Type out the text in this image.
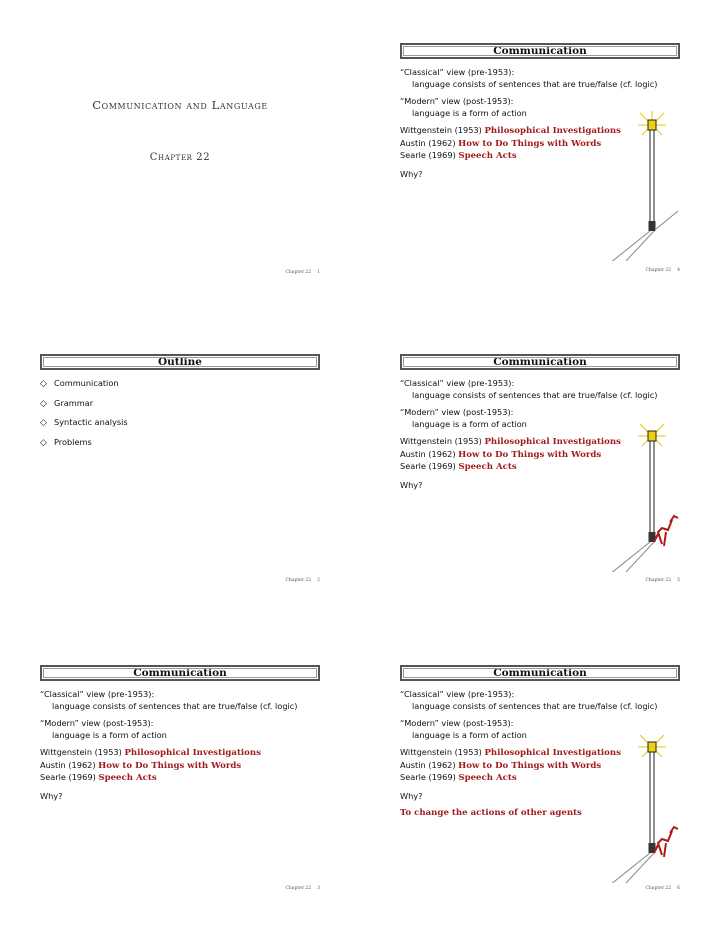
Communication and Language
Chapter 22
Chapter 22 1
Communication
“Classical” view (pre-1953):
language consists of sentences that are true/false (cf. logic)
“Modern” view (post-1953):
language is a form of action
Wittgenstein (1953) Philosophical Investigations
Austin (1962) How to Do Things with Words
Searle (1969) Speech Acts
Why?
Chapter 22 4
Outline
◇ Communication
◇ Grammar
◇ Syntactic analysis
◇ Problems
Chapter 22 2
Communication
“Classical” view (pre-1953):
language consists of sentences that are true/false (cf. logic)
“Modern” view (post-1953):
language is a form of action
Wittgenstein (1953) Philosophical Investigations
Austin (1962) How to Do Things with Words
Searle (1969) Speech Acts
Why?
Chapter 22 5
Communication
“Classical” view (pre-1953):
language consists of sentences that are true/false (cf. logic)
“Modern” view (post-1953):
language is a form of action
Wittgenstein (1953) Philosophical Investigations
Austin (1962) How to Do Things with Words
Searle (1969) Speech Acts
Why?
Chapter 22 3
Communication
“Classical” view (pre-1953):
language consists of sentences that are true/false (cf. logic)
“Modern” view (post-1953):
language is a form of action
Wittgenstein (1953) Philosophical Investigations
Austin (1962) How to Do Things with Words
Searle (1969) Speech Acts
Why?
To change the actions of other agents
Chapter 22 6
